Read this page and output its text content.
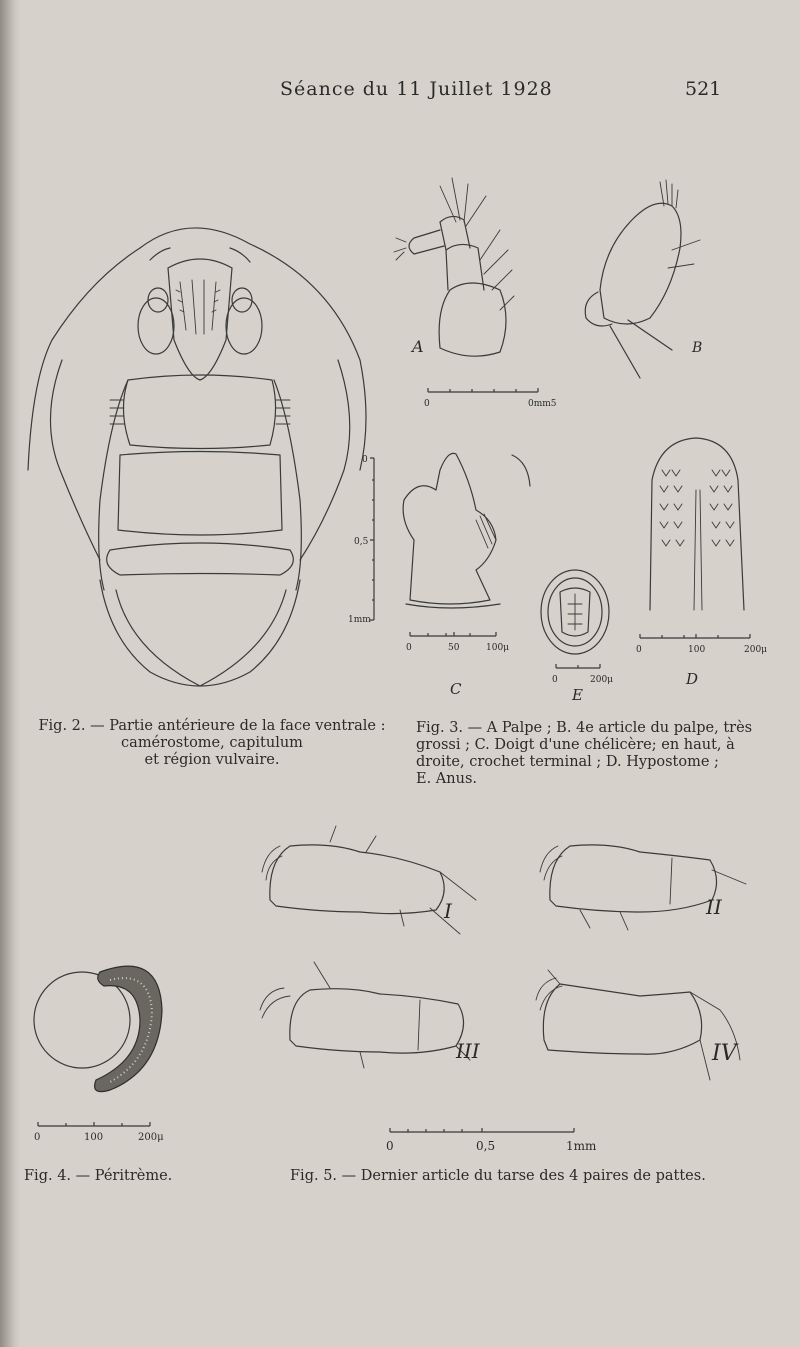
Séance du 11 Juillet 1928	521
0	0mm5
0
0,5
1mm
0	50	100μ
0	200μ
0	100	200μ
0	100	200μ
0	0,5	1mm
A	B
C	E
D
I	II
III	IV
Fig. 2. — Partie antérieure de la face ventrale :
camérostome, capitulum
et région vulvaire.
Fig. 3. — A Palpe ; B. 4e article du palpe, très
grossi ; C. Doigt d'une chélicère; en haut, à
droite, crochet terminal ; D. Hypostome ;
E. Anus.
Fig. 4. — Péritrème.	Fig. 5. — Dernier article du tarse des 4 paires de pattes.
